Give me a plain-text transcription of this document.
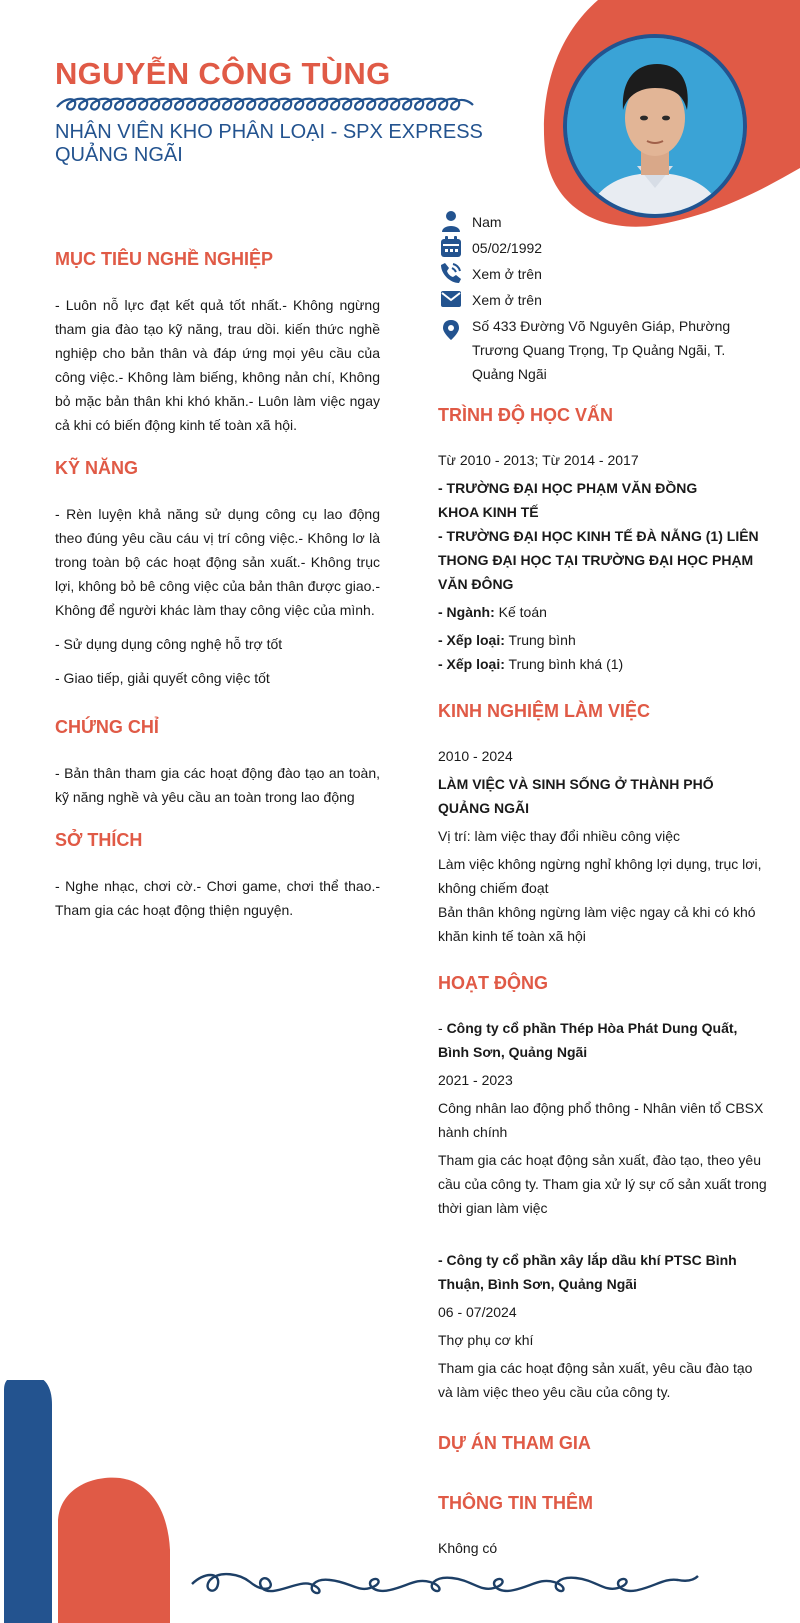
NGUYỄN CÔNG TÙNG
NHÂN VIÊN KHO PHÂN LOẠI - SPX EXPRESS QUẢNG NGÃI
Nam
05/02/1992
Xem ở trên
Xem ở trên
Số 433 Đường Võ Nguyên Giáp, Phường Trương Quang Trọng, Tp Quảng Ngãi, T. Quảng Ngãi
MỤC TIÊU NGHỀ NGHIỆP
- Luôn nỗ lực đạt kết quả tốt nhất.- Không ngừng tham gia đào tạo kỹ năng, trau dồi. kiến thức nghề nghiệp cho bản thân và đáp ứng mọi yêu cầu của công việc.- Không làm biếng, không nản chí, Không bỏ mặc bản thân khi khó khăn.- Luôn làm việc ngay cả khi có biến động kinh tế toàn xã hội.
KỸ NĂNG

- Rèn luyện khả năng sử dụng công cụ lao động theo đúng yêu cầu cáu vị trí công việc.- Không lơ là trong toàn bộ các hoạt động sản xuất.- Không trục lợi, không bỏ bê công việc của bản thân được giao.- Không để người khác làm thay công việc của mình.

- Sử dụng dụng công nghệ hỗ trợ tốt

- Giao tiếp, giải quyết công việc tốt

CHỨNG CHỈ
- Bản thân tham gia các hoạt động đào tạo an toàn, kỹ năng nghề và yêu cầu an toàn trong lao động
SỞ THÍCH
- Nghe nhạc, chơi cờ.- Chơi game, chơi thể thao.- Tham gia các hoạt động thiện nguyện.
TRÌNH ĐỘ HỌC VẤN

Từ 2010 - 2013; Từ 2014 - 2017

- TRƯỜNG ĐẠI HỌC PHẠM VĂN ĐỒNG

KHOA KINH TẾ

- TRƯỜNG ĐẠI HỌC KINH TẾ ĐÀ NẴNG (1) LIÊN THONG ĐẠI HỌC TẠI TRƯỜNG ĐẠI HỌC PHẠM VĂN ĐÔNG

- Ngành: Kế toán

- Xếp loại: Trung bình

- Xếp loại: Trung bình khá (1)

KINH NGHIỆM LÀM VIỆC

2010 - 2024

LÀM VIỆC VÀ SINH SỐNG Ở THÀNH PHỐ QUẢNG NGÃI

Vị trí: làm việc thay đổi nhiều công việc

Làm việc không ngừng nghỉ không lợi dụng, trục lơi, không chiếm đoạt

Bản thân không ngừng làm việc ngay cả khi có khó khăn kinh tế toàn xã hội

HOẠT ĐỘNG

- Công ty cổ phần Thép Hòa Phát Dung Quất, Bình Sơn, Quảng Ngãi

2021 - 2023

Công nhân lao động phổ thông - Nhân viên tổ CBSX hành chính

Tham gia các hoạt động sản xuất, đào tạo, theo yêu cầu của công ty. Tham gia xử lý sự cố sản xuất trong thời gian làm việc

- Công ty cổ phần xây lắp dầu khí PTSC Bình Thuận, Bình Sơn, Quảng Ngãi

06 - 07/2024

Thợ phụ cơ khí

Tham gia các hoạt động sản xuất, yêu cầu đào tạo và làm việc theo yêu cầu của công ty.

DỰ ÁN THAM GIA
THÔNG TIN THÊM
Không có
